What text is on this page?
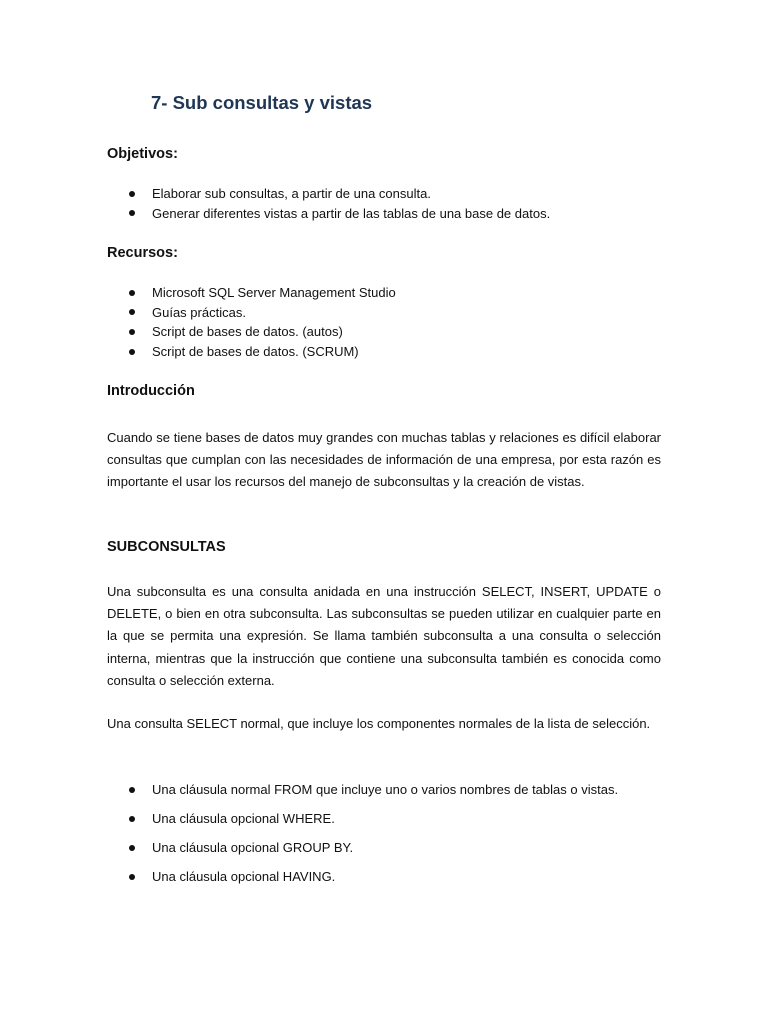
7- Sub consultas y vistas
Objetivos:
Elaborar sub consultas, a partir de una consulta.
Generar diferentes vistas a partir de las tablas de una base de datos.
Recursos:
Microsoft SQL Server Management Studio
Guías prácticas.
Script de bases de datos. (autos)
Script de bases de datos. (SCRUM)
Introducción

Cuando se tiene bases de datos muy grandes con muchas tablas y relaciones es difícil elaborar consultas que cumplan con las necesidades de información de una empresa, por esta razón es importante el usar los recursos del manejo de subconsultas y la creación de vistas.

SUBCONSULTAS

Una subconsulta es una consulta anidada en una instrucción SELECT, INSERT, UPDATE o DELETE, o bien en otra subconsulta. Las subconsultas se pueden utilizar en cualquier parte en la que se permita una expresión. Se llama también subconsulta a una consulta o selección interna, mientras que la instrucción que contiene una subconsulta también es conocida como consulta o selección externa.

Una consulta SELECT normal, que incluye los componentes normales de la lista de selección.

Una cláusula normal FROM que incluye uno o varios nombres de tablas o vistas.
Una cláusula opcional WHERE.
Una cláusula opcional GROUP BY.
Una cláusula opcional HAVING.
